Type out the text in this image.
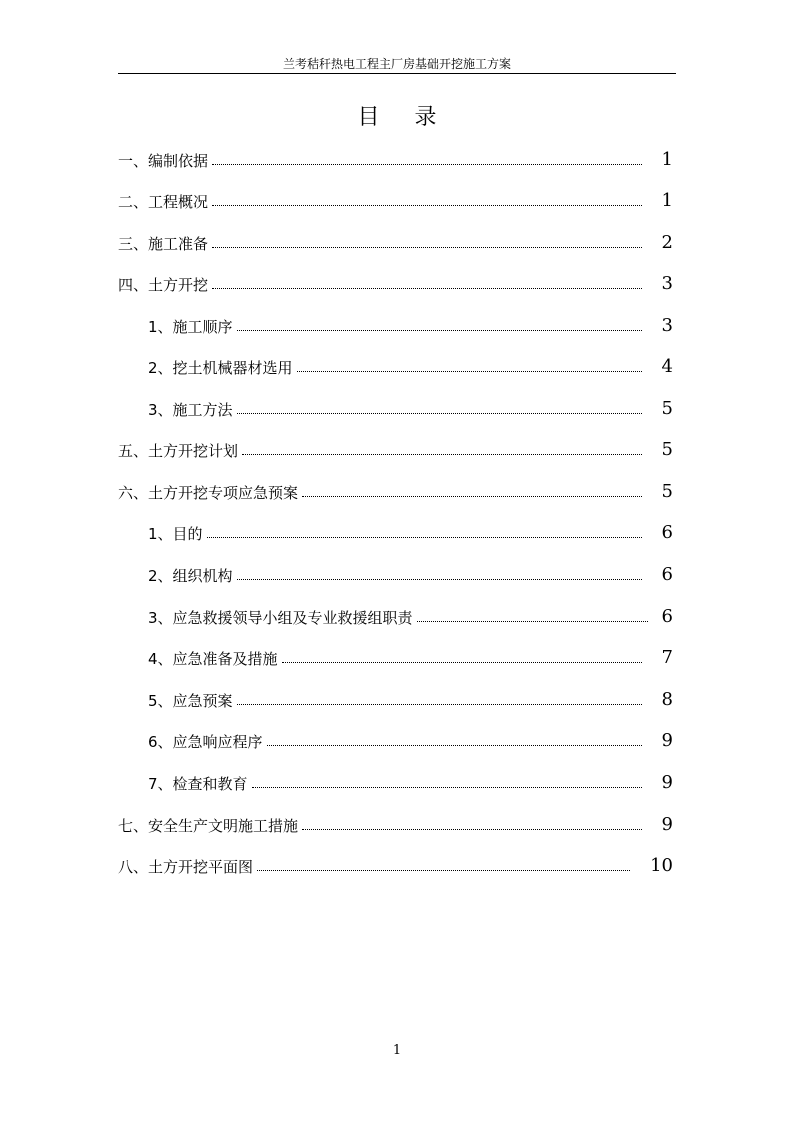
兰考秸秆热电工程主厂房基础开挖施工方案
目 录
一、编制依据	1
二、工程概况	1
三、施工准备	2
四、土方开挖	3
1、施工顺序	3
2、挖土机械器材选用	4
3、施工方法	5
五、土方开挖计划	5
六、土方开挖专项应急预案	5
1、目的	6
2、组织机构	6
3、应急救援领导小组及专业救援组职责	6
4、应急准备及措施	7
5、应急预案	8
6、应急响应程序	9
7、检查和教育	9
七、安全生产文明施工措施	9
八、土方开挖平面图	10
1
